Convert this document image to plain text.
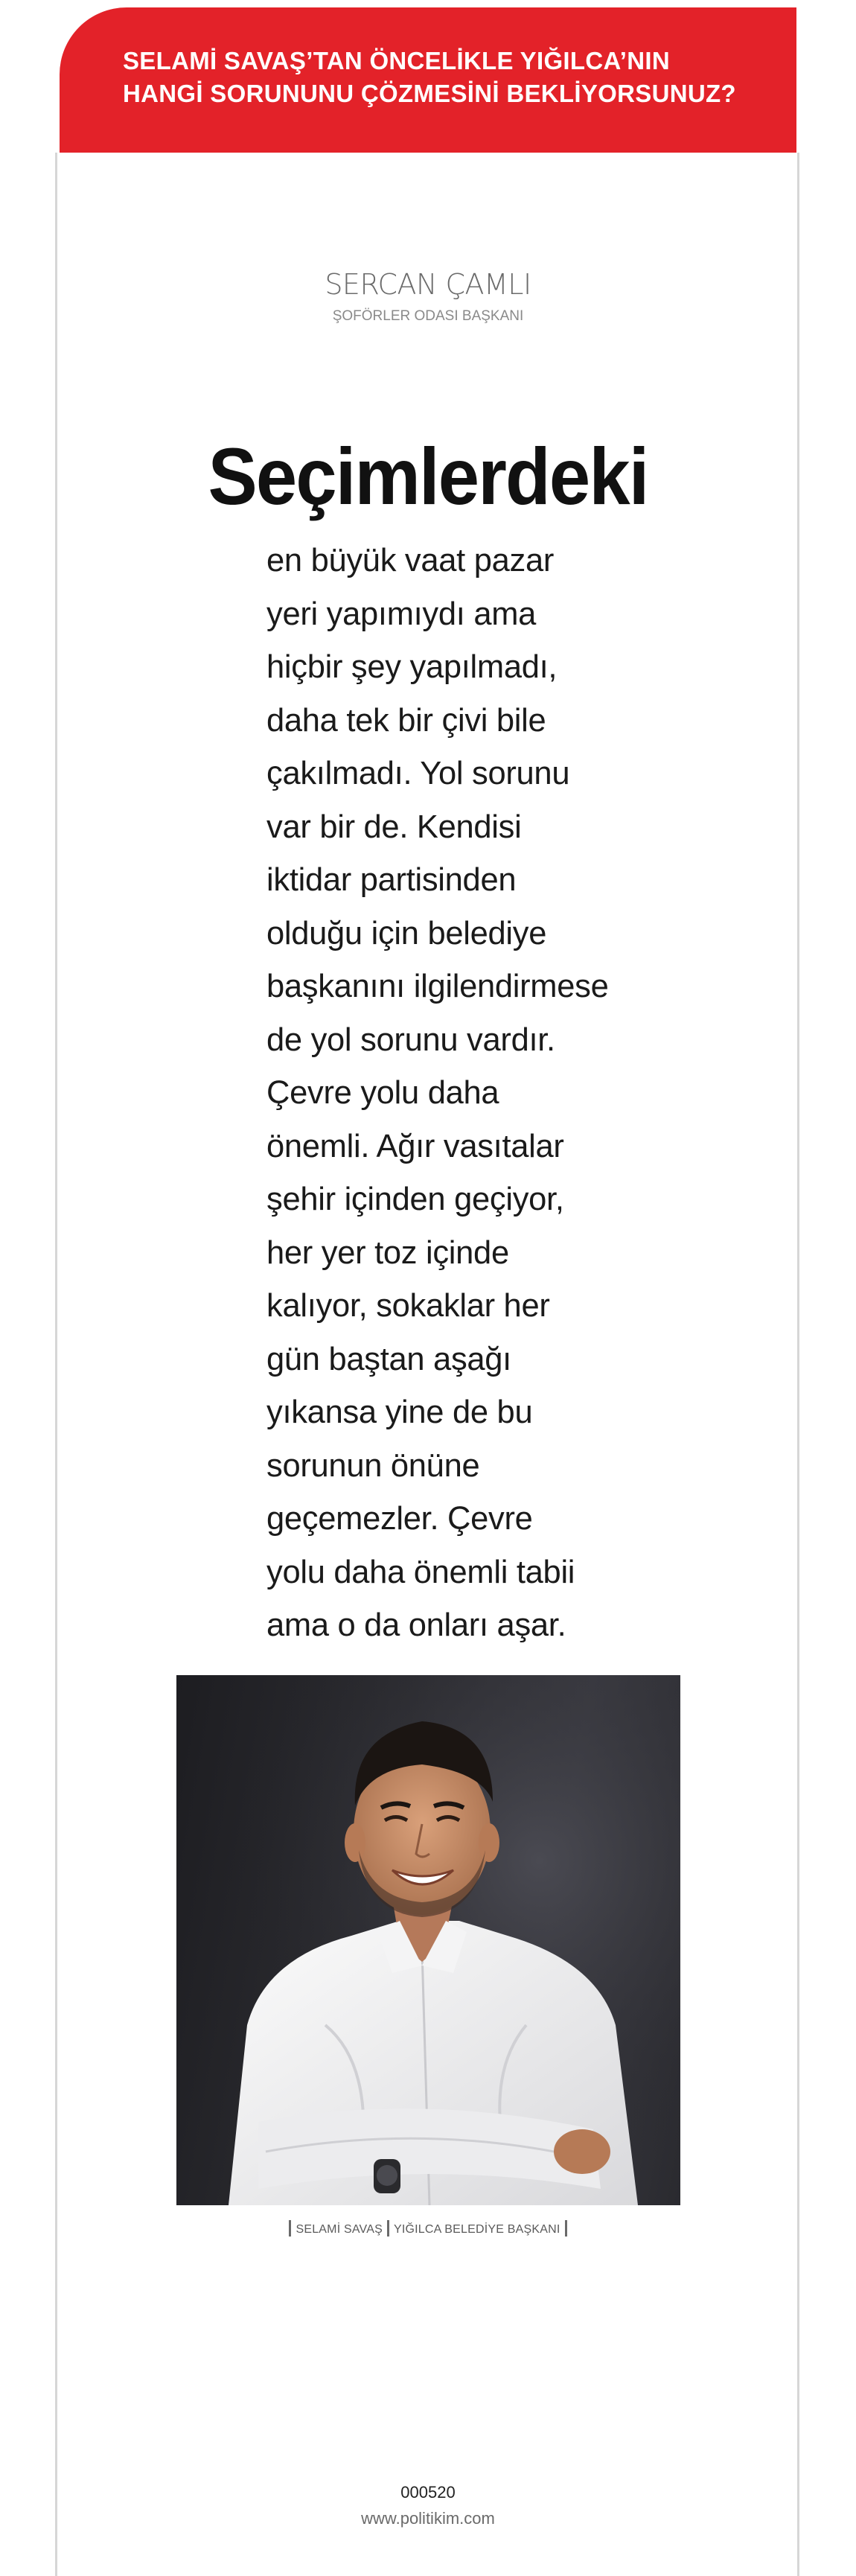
SELAMİ SAVAŞ’TAN ÖNCELİKLE YIĞILCA’NIN
HANGİ SORUNUNU ÇÖZMESİNİ BEKLİYORSUNUZ?

SERCAN ÇAMLI
ŞOFÖRLER ODASI BAŞKANI
Seçimlerdeki

en büyük vaat pazar
yeri yapımıydı ama
hiçbir şey yapılmadı,
daha tek bir çivi bile
çakılmadı. Yol sorunu
var bir de. Kendisi
iktidar partisinden
olduğu için belediye
başkanını ilgilendirmese
de yol sorunu vardır.
Çevre yolu daha
önemli. Ağır vasıtalar
şehir içinden geçiyor,
her yer toz içinde
kalıyor, sokaklar her
gün baştan aşağı
yıkansa yine de bu
sorunun önüne
geçemezler. Çevre
yolu daha önemli tabii
ama o da onları aşar.

SELAMİ SAVAŞ YIĞILCA BELEDİYE BAŞKANI
000520
www.politikim.com
